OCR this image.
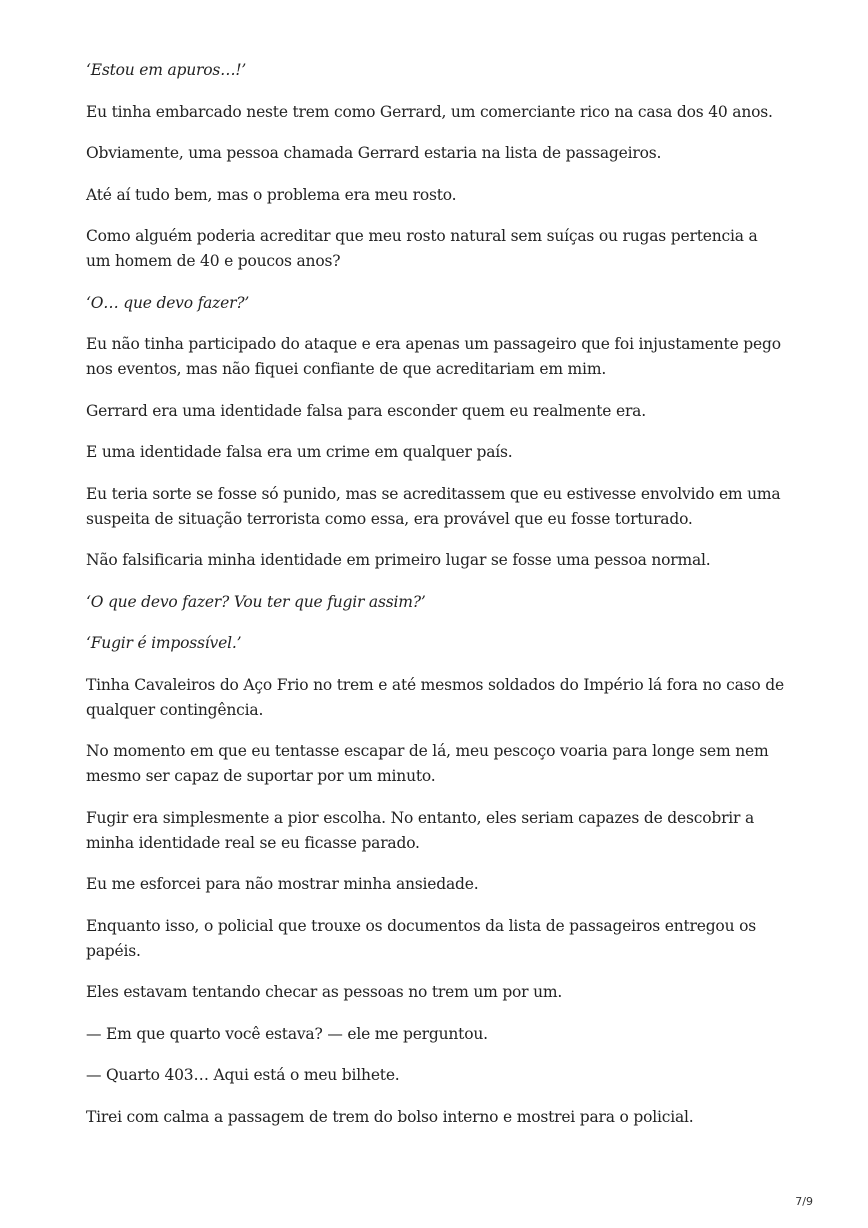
‘Estou em apuros…!’

Eu tinha embarcado neste trem como Gerrard, um comerciante rico na casa dos 40 anos.

Obviamente, uma pessoa chamada Gerrard estaria na lista de passageiros.

Até aí tudo bem, mas o problema era meu rosto.

Como alguém poderia acreditar que meu rosto natural sem suíças ou rugas pertencia a um homem de 40 e poucos anos?

‘O… que devo fazer?’

Eu não tinha participado do ataque e era apenas um passageiro que foi injustamente pego nos eventos, mas não fiquei confiante de que acreditariam em mim.

Gerrard era uma identidade falsa para esconder quem eu realmente era.

E uma identidade falsa era um crime em qualquer país.

Eu teria sorte se fosse só punido, mas se acreditassem que eu estivesse envolvido em uma suspeita de situação terrorista como essa, era provável que eu fosse torturado.

Não falsificaria minha identidade em primeiro lugar se fosse uma pessoa normal.

‘O que devo fazer? Vou ter que fugir assim?’

‘Fugir é impossível.’

Tinha Cavaleiros do Aço Frio no trem e até mesmos soldados do Império lá fora no caso de qualquer contingência.

No momento em que eu tentasse escapar de lá, meu pescoço voaria para longe sem nem mesmo ser capaz de suportar por um minuto.

Fugir era simplesmente a pior escolha. No entanto, eles seriam capazes de descobrir a minha identidade real se eu ficasse parado.

Eu me esforcei para não mostrar minha ansiedade.

Enquanto isso, o policial que trouxe os documentos da lista de passageiros entregou os papéis.

Eles estavam tentando checar as pessoas no trem um por um.

— Em que quarto você estava? — ele me perguntou.

— Quarto 403… Aqui está o meu bilhete.

Tirei com calma a passagem de trem do bolso interno e mostrei para o policial.

7/9
